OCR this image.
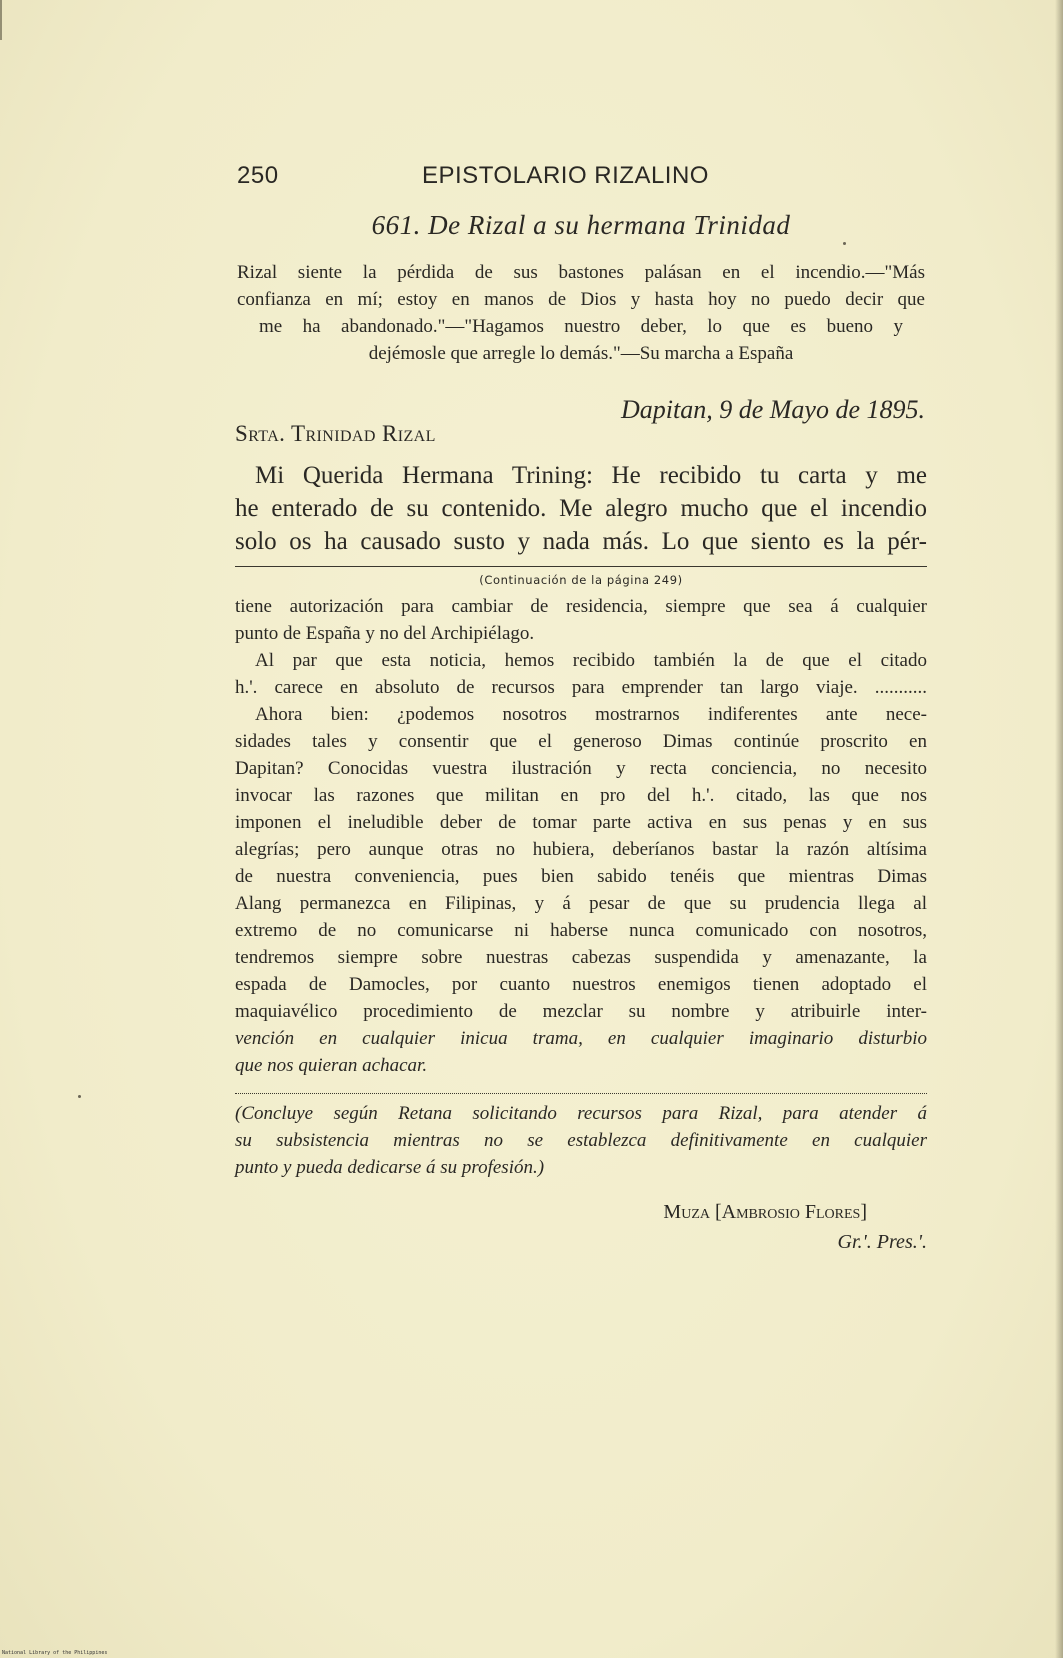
250	EPISTOLARIO RIZALINO
661. De Rizal a su hermana Trinidad
Rizal siente la pérdida de sus bastones palásan en el incendio.—"Más
confianza en mí; estoy en manos de Dios y hasta hoy no puedo decir que
me ha abandonado."—"Hagamos nuestro deber, lo que es bueno y
dejémosle que arregle lo demás."—Su marcha a España
Dapitan, 9 de Mayo de 1895.
Srta. Trinidad Rizal
Mi Querida Hermana Trining: He recibido tu carta y me
he enterado de su contenido. Me alegro mucho que el incendio
solo os ha causado susto y nada más. Lo que siento es la pér-
(Continuación de la página 249)
tiene autorización para cambiar de residencia, siempre que sea á cualquier
punto de España y no del Archipiélago.
Al par que esta noticia, hemos recibido también la de que el citado
h.'. carece en absoluto de recursos para emprender tan largo viaje. ...........
Ahora bien: ¿podemos nosotros mostrarnos indiferentes ante nece-
sidades tales y consentir que el generoso Dimas continúe proscrito en
Dapitan? Conocidas vuestra ilustración y recta conciencia, no necesito
invocar las razones que militan en pro del h.'. citado, las que nos
imponen el ineludible deber de tomar parte activa en sus penas y en sus
alegrías; pero aunque otras no hubiera, deberíanos bastar la razón altísima
de nuestra conveniencia, pues bien sabido tenéis que mientras Dimas
Alang permanezca en Filipinas, y á pesar de que su prudencia llega al
extremo de no comunicarse ni haberse nunca comunicado con nosotros,
tendremos siempre sobre nuestras cabezas suspendida y amenazante, la
espada de Damocles, por cuanto nuestros enemigos tienen adoptado el
maquiavélico procedimiento de mezclar su nombre y atribuirle inter-
vención en cualquier inicua trama, en cualquier imaginario disturbio
que nos quieran achacar.
(Concluye según Retana solicitando recursos para Rizal, para atender á
su subsistencia mientras no se establezca definitivamente en cualquier
punto y pueda dedicarse á su profesión.)
Muza [Ambrosio Flores]
Gr.'. Pres.'.
National Library of the Philippines
